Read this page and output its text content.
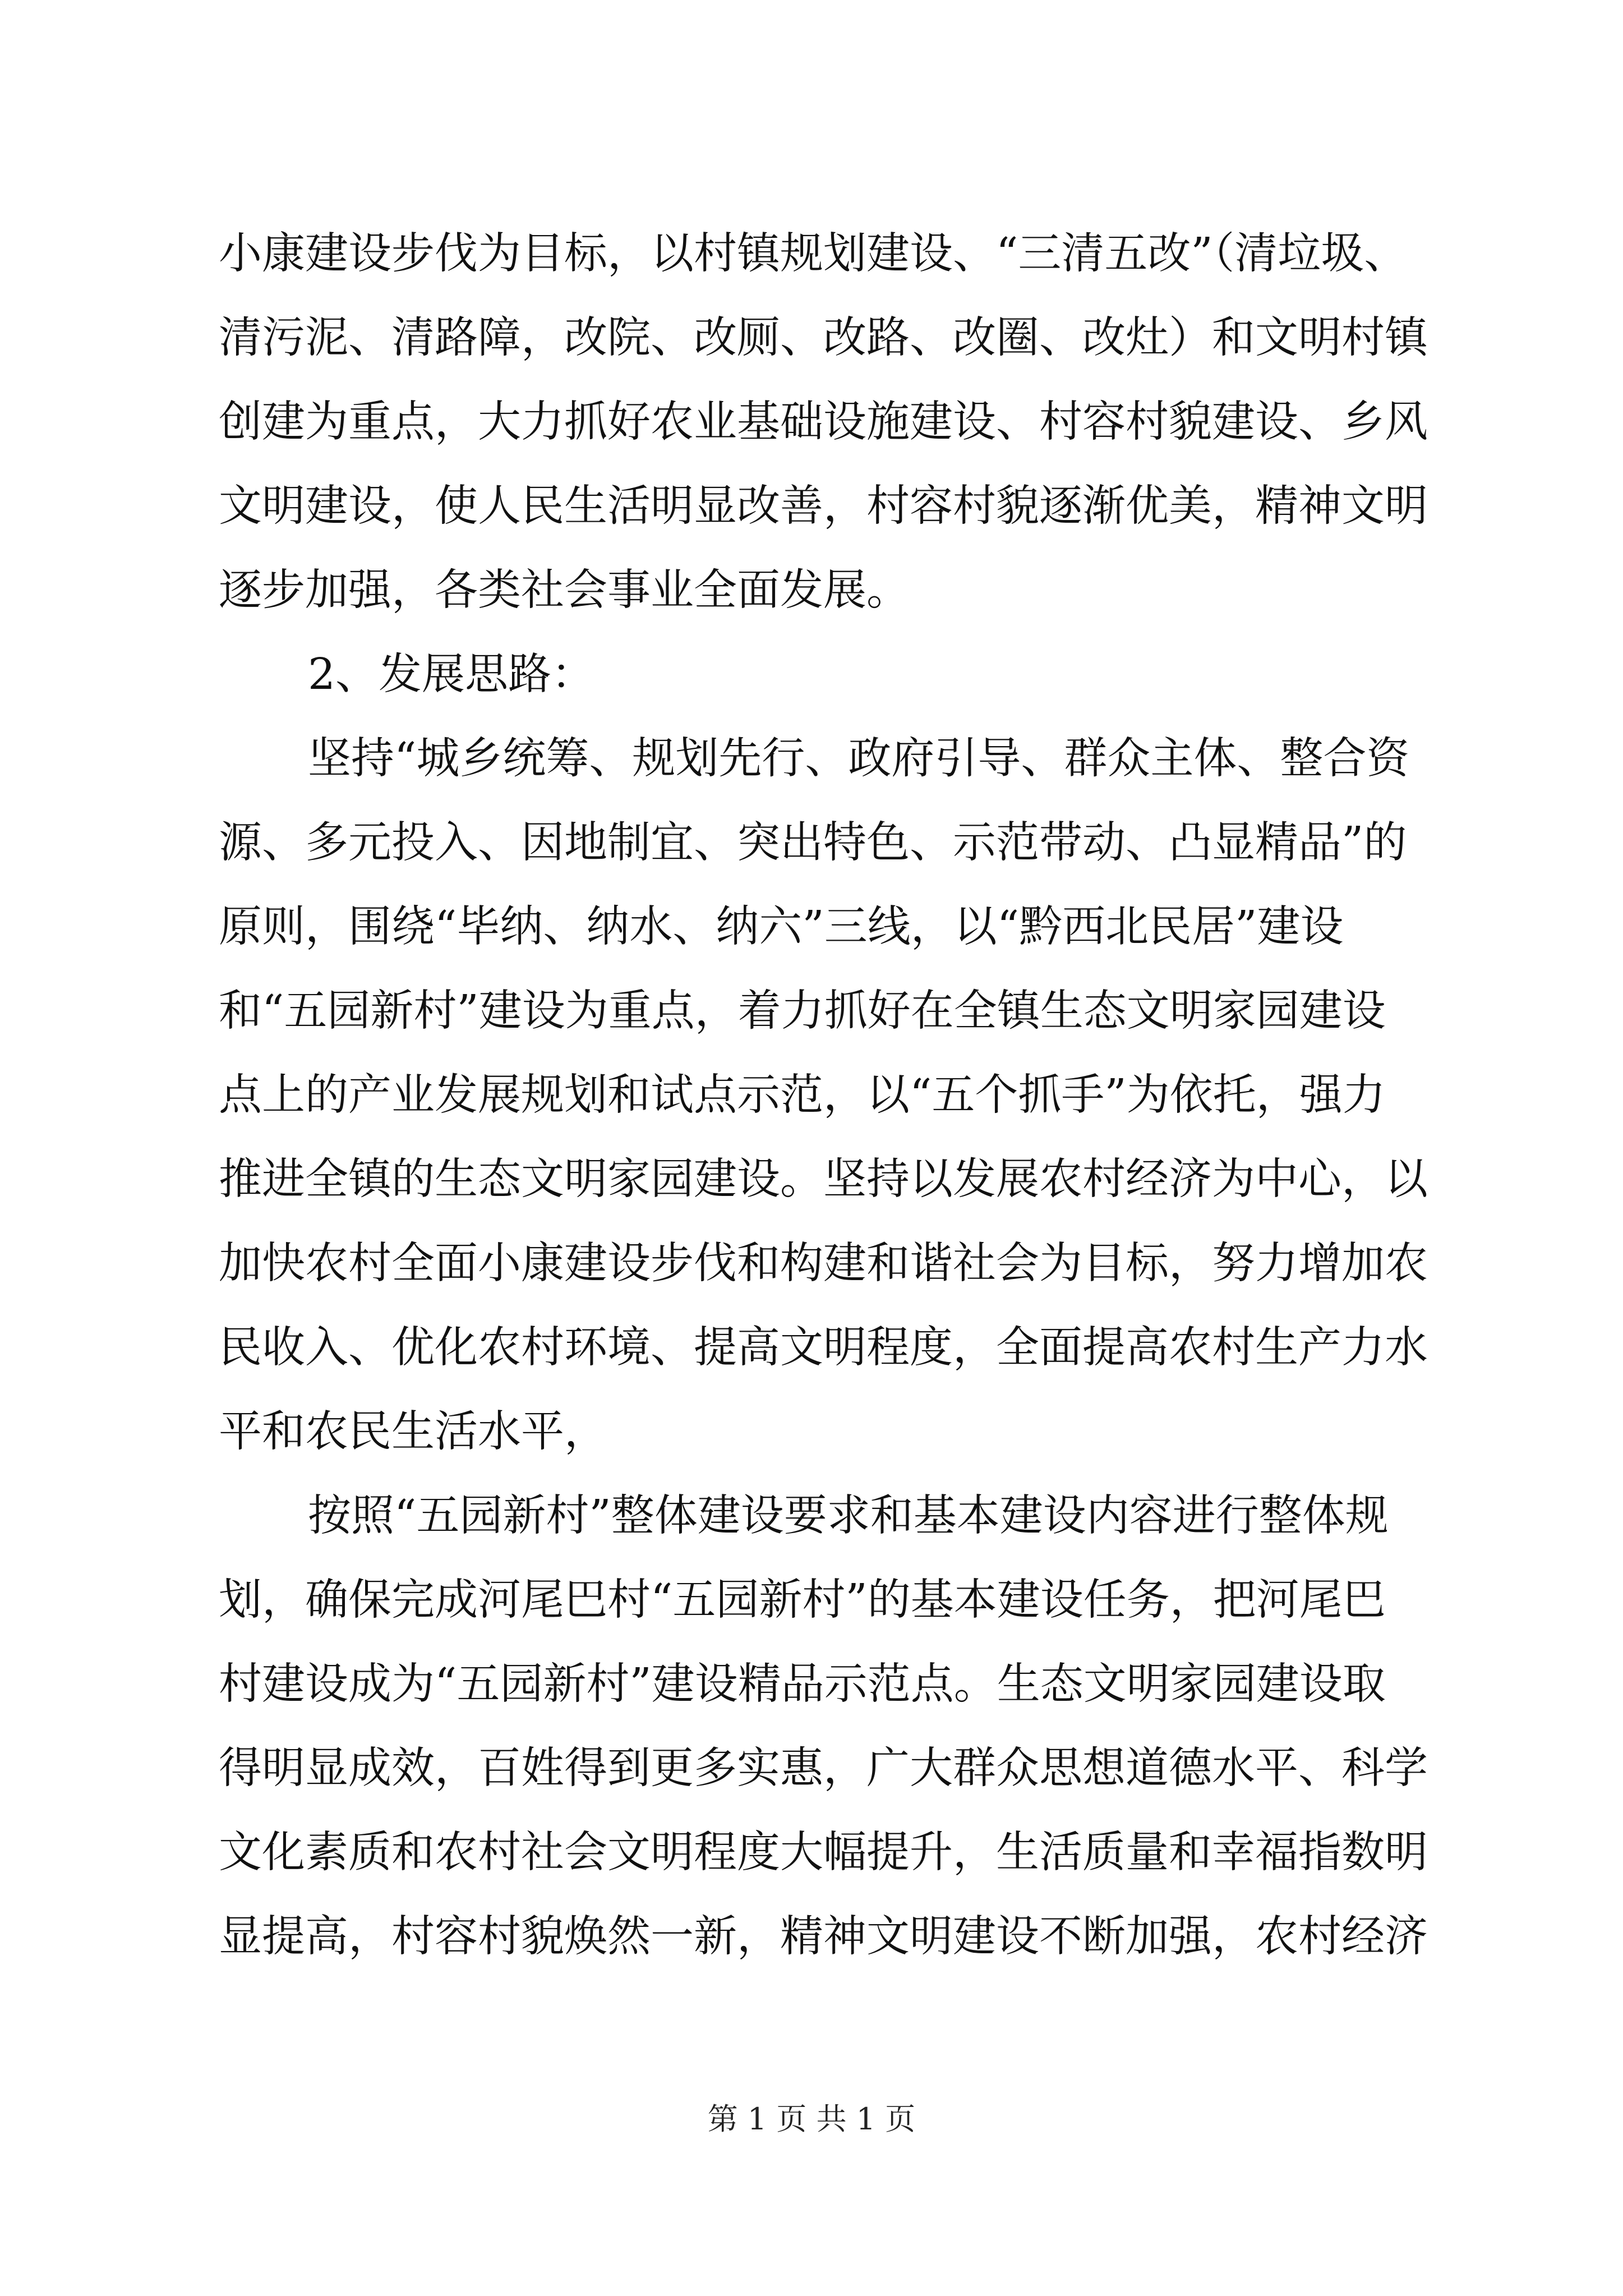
小康建设步伐为目标，以村镇规划建设、“三清五改”（清垃圾、
清污泥、清路障，改院、改厕、改路、改圈、改灶）和文明村镇
创建为重点，大力抓好农业基础设施建设、村容村貌建设、乡风
文明建设，使人民生活明显改善，村容村貌逐渐优美，精神文明
逐步加强，各类社会事业全面发展。
2、发展思路：
坚持“城乡统筹、规划先行、政府引导、群众主体、整合资
源、多元投入、因地制宜、突出特色、示范带动、凸显精品”的
原则，围绕“毕纳、纳水、纳六”三线，以“黔西北民居”建设
和“五园新村”建设为重点，着力抓好在全镇生态文明家园建设
点上的产业发展规划和试点示范，以“五个抓手”为依托，强力
推进全镇的生态文明家园建设。坚持以发展农村经济为中心，以
加快农村全面小康建设步伐和构建和谐社会为目标，努力增加农
民收入、优化农村环境、提高文明程度，全面提高农村生产力水
平和农民生活水平，
按照“五园新村”整体建设要求和基本建设内容进行整体规
划，确保完成河尾巴村“五园新村”的基本建设任务，把河尾巴
村建设成为“五园新村”建设精品示范点。生态文明家园建设取
得明显成效，百姓得到更多实惠，广大群众思想道德水平、科学
文化素质和农村社会文明程度大幅提升，生活质量和幸福指数明
显提高，村容村貌焕然一新，精神文明建设不断加强，农村经济
第 1 页 共 1 页
